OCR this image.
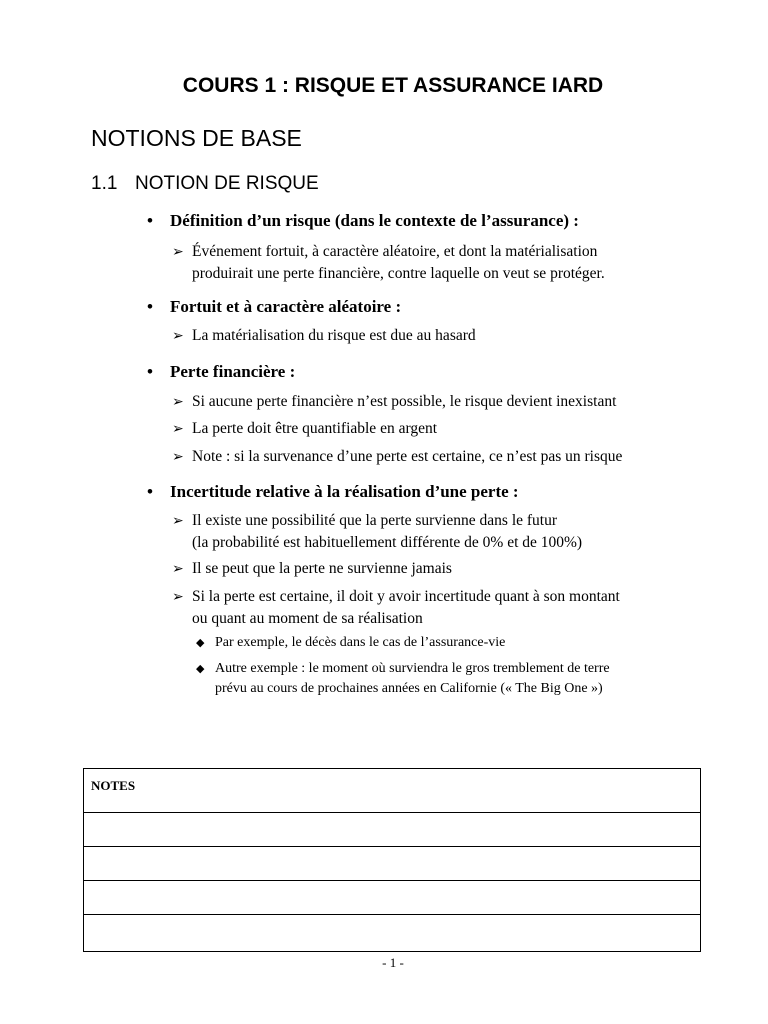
COURS 1 : RISQUE ET ASSURANCE IARD
NOTIONS DE BASE
1.1 NOTION DE RISQUE
• Définition d’un risque (dans le contexte de l’assurance) :
➢ Événement fortuit, à caractère aléatoire, et dont la matérialisation
produirait une perte financière, contre laquelle on veut se protéger.
• Fortuit et à caractère aléatoire :
➢ La matérialisation du risque est due au hasard
• Perte financière :
➢ Si aucune perte financière n’est possible, le risque devient inexistant
➢ La perte doit être quantifiable en argent
➢ Note : si la survenance d’une perte est certaine, ce n’est pas un risque
• Incertitude relative à la réalisation d’une perte :
➢ Il existe une possibilité que la perte survienne dans le futur
(la probabilité est habituellement différente de 0% et de 100%)
➢ Il se peut que la perte ne survienne jamais
➢ Si la perte est certaine, il doit y avoir incertitude quant à son montant
ou quant au moment de sa réalisation
◆ Par exemple, le décès dans le cas de l’assurance-vie
◆ Autre exemple : le moment où surviendra le gros tremblement de terre
prévu au cours de prochaines années en Californie (« The Big One »)
NOTES
- 1 -
